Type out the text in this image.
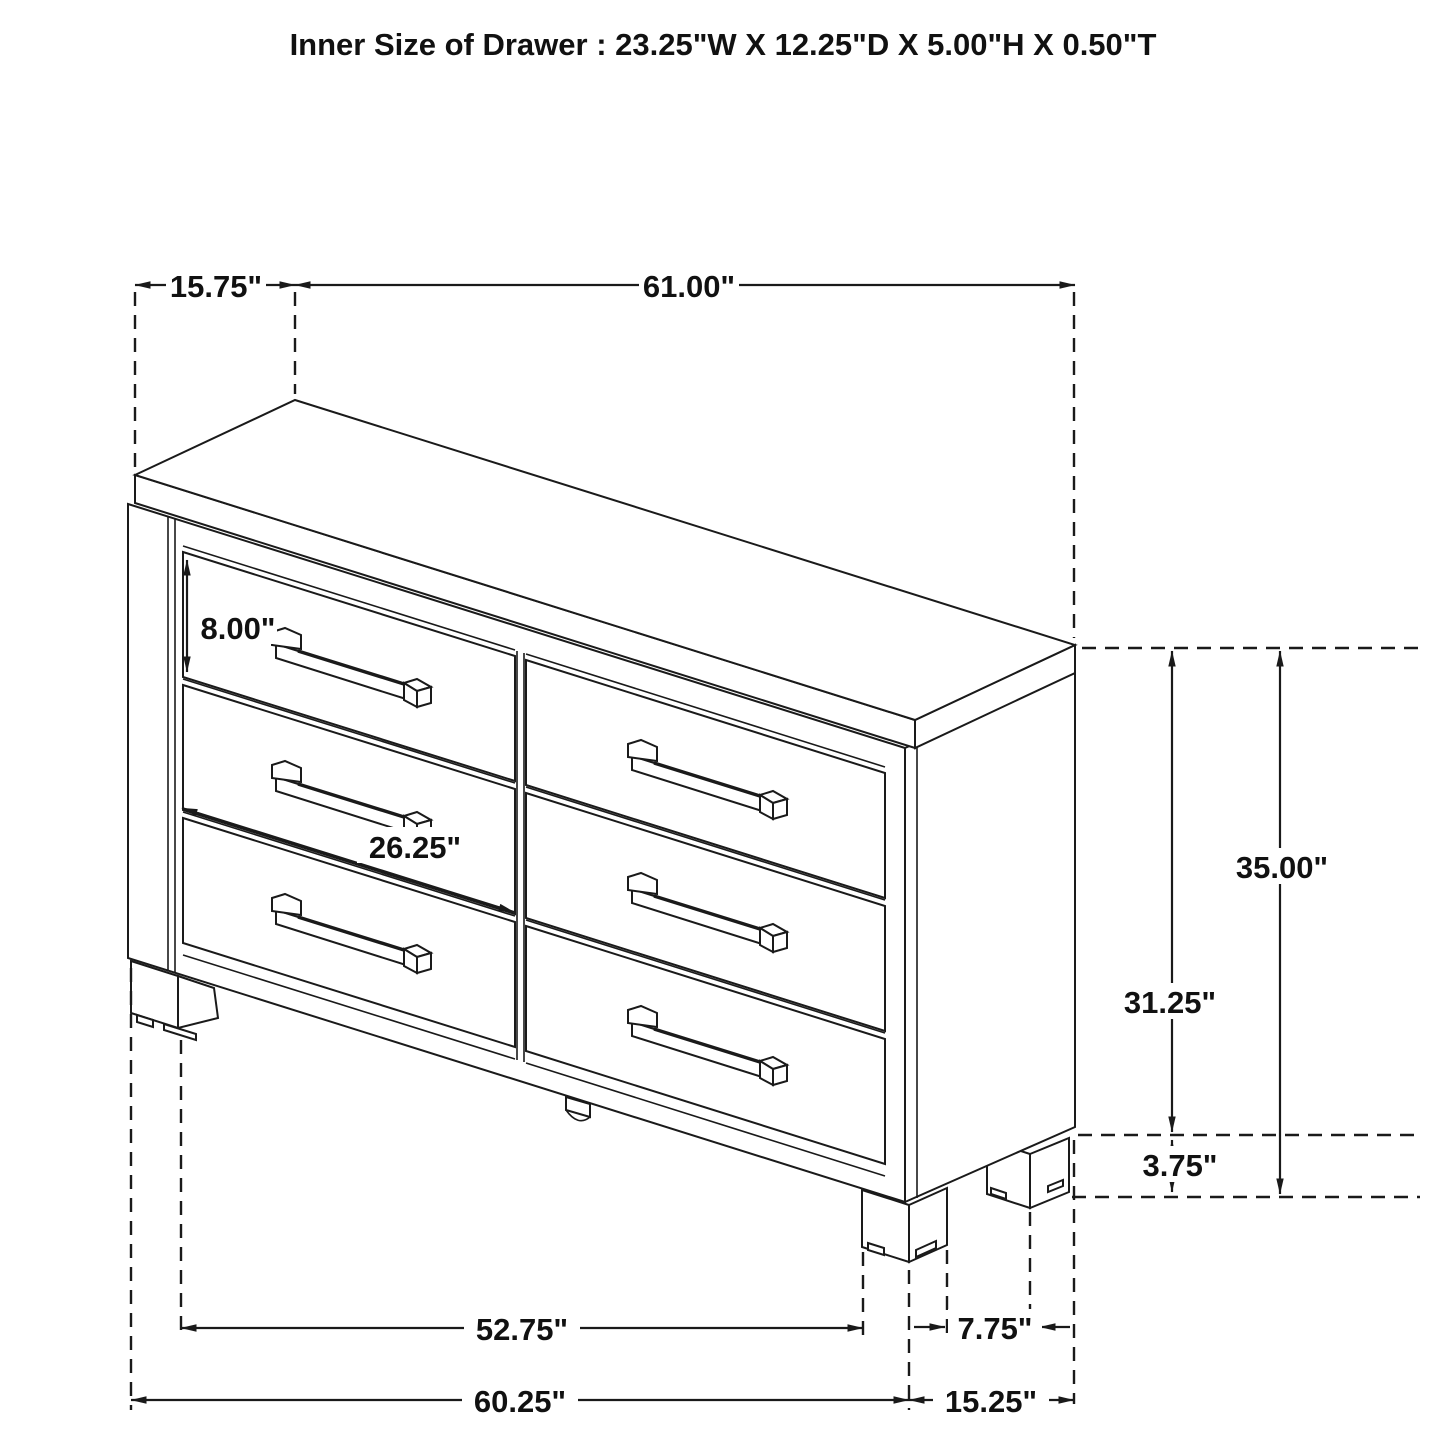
15.75"	61.00"
8.00"
26.25"
35.00"
31.25"
3.75"
52.75"	7.75"
60.25"	15.25"
Inner Size of Drawer : 23.25"W X 12.25"D X 5.00"H X 0.50"T
